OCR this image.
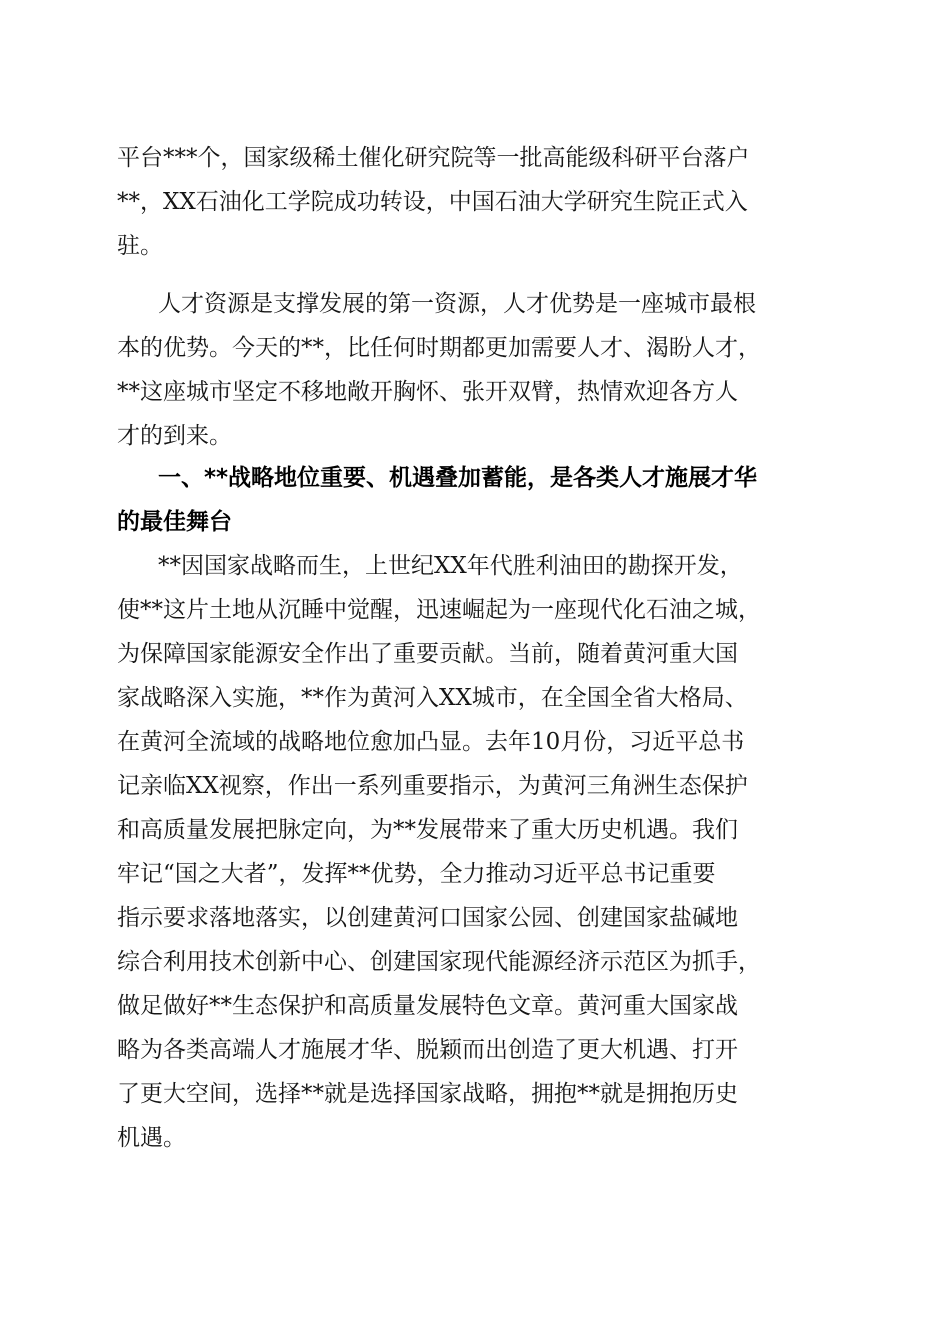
平台***个，国家级稀土催化研究院等一批高能级科研平台落户
**，XX石油化工学院成功转设，中国石油大学研究生院正式入
驻。
人才资源是支撑发展的第一资源，人才优势是一座城市最根
本的优势。今天的**，比任何时期都更加需要人才、渴盼人才，
**这座城市坚定不移地敞开胸怀、张开双臂，热情欢迎各方人
才的到来。
一、**战略地位重要、机遇叠加蓄能，是各类人才施展才华
的最佳舞台
**因国家战略而生，上世纪XX年代胜利油田的勘探开发，
使**这片土地从沉睡中觉醒，迅速崛起为一座现代化石油之城，
为保障国家能源安全作出了重要贡献。当前，随着黄河重大国
家战略深入实施，**作为黄河入XX城市，在全国全省大格局、
在黄河全流域的战略地位愈加凸显。去年10月份，习近平总书
记亲临XX视察，作出一系列重要指示，为黄河三角洲生态保护
和高质量发展把脉定向，为**发展带来了重大历史机遇。我们
牢记“国之大者”，发挥**优势，全力推动习近平总书记重要
指示要求落地落实，以创建黄河口国家公园、创建国家盐碱地
综合利用技术创新中心、创建国家现代能源经济示范区为抓手，
做足做好**生态保护和高质量发展特色文章。黄河重大国家战
略为各类高端人才施展才华、脱颖而出创造了更大机遇、打开
了更大空间，选择**就是选择国家战略，拥抱**就是拥抱历史
机遇。
